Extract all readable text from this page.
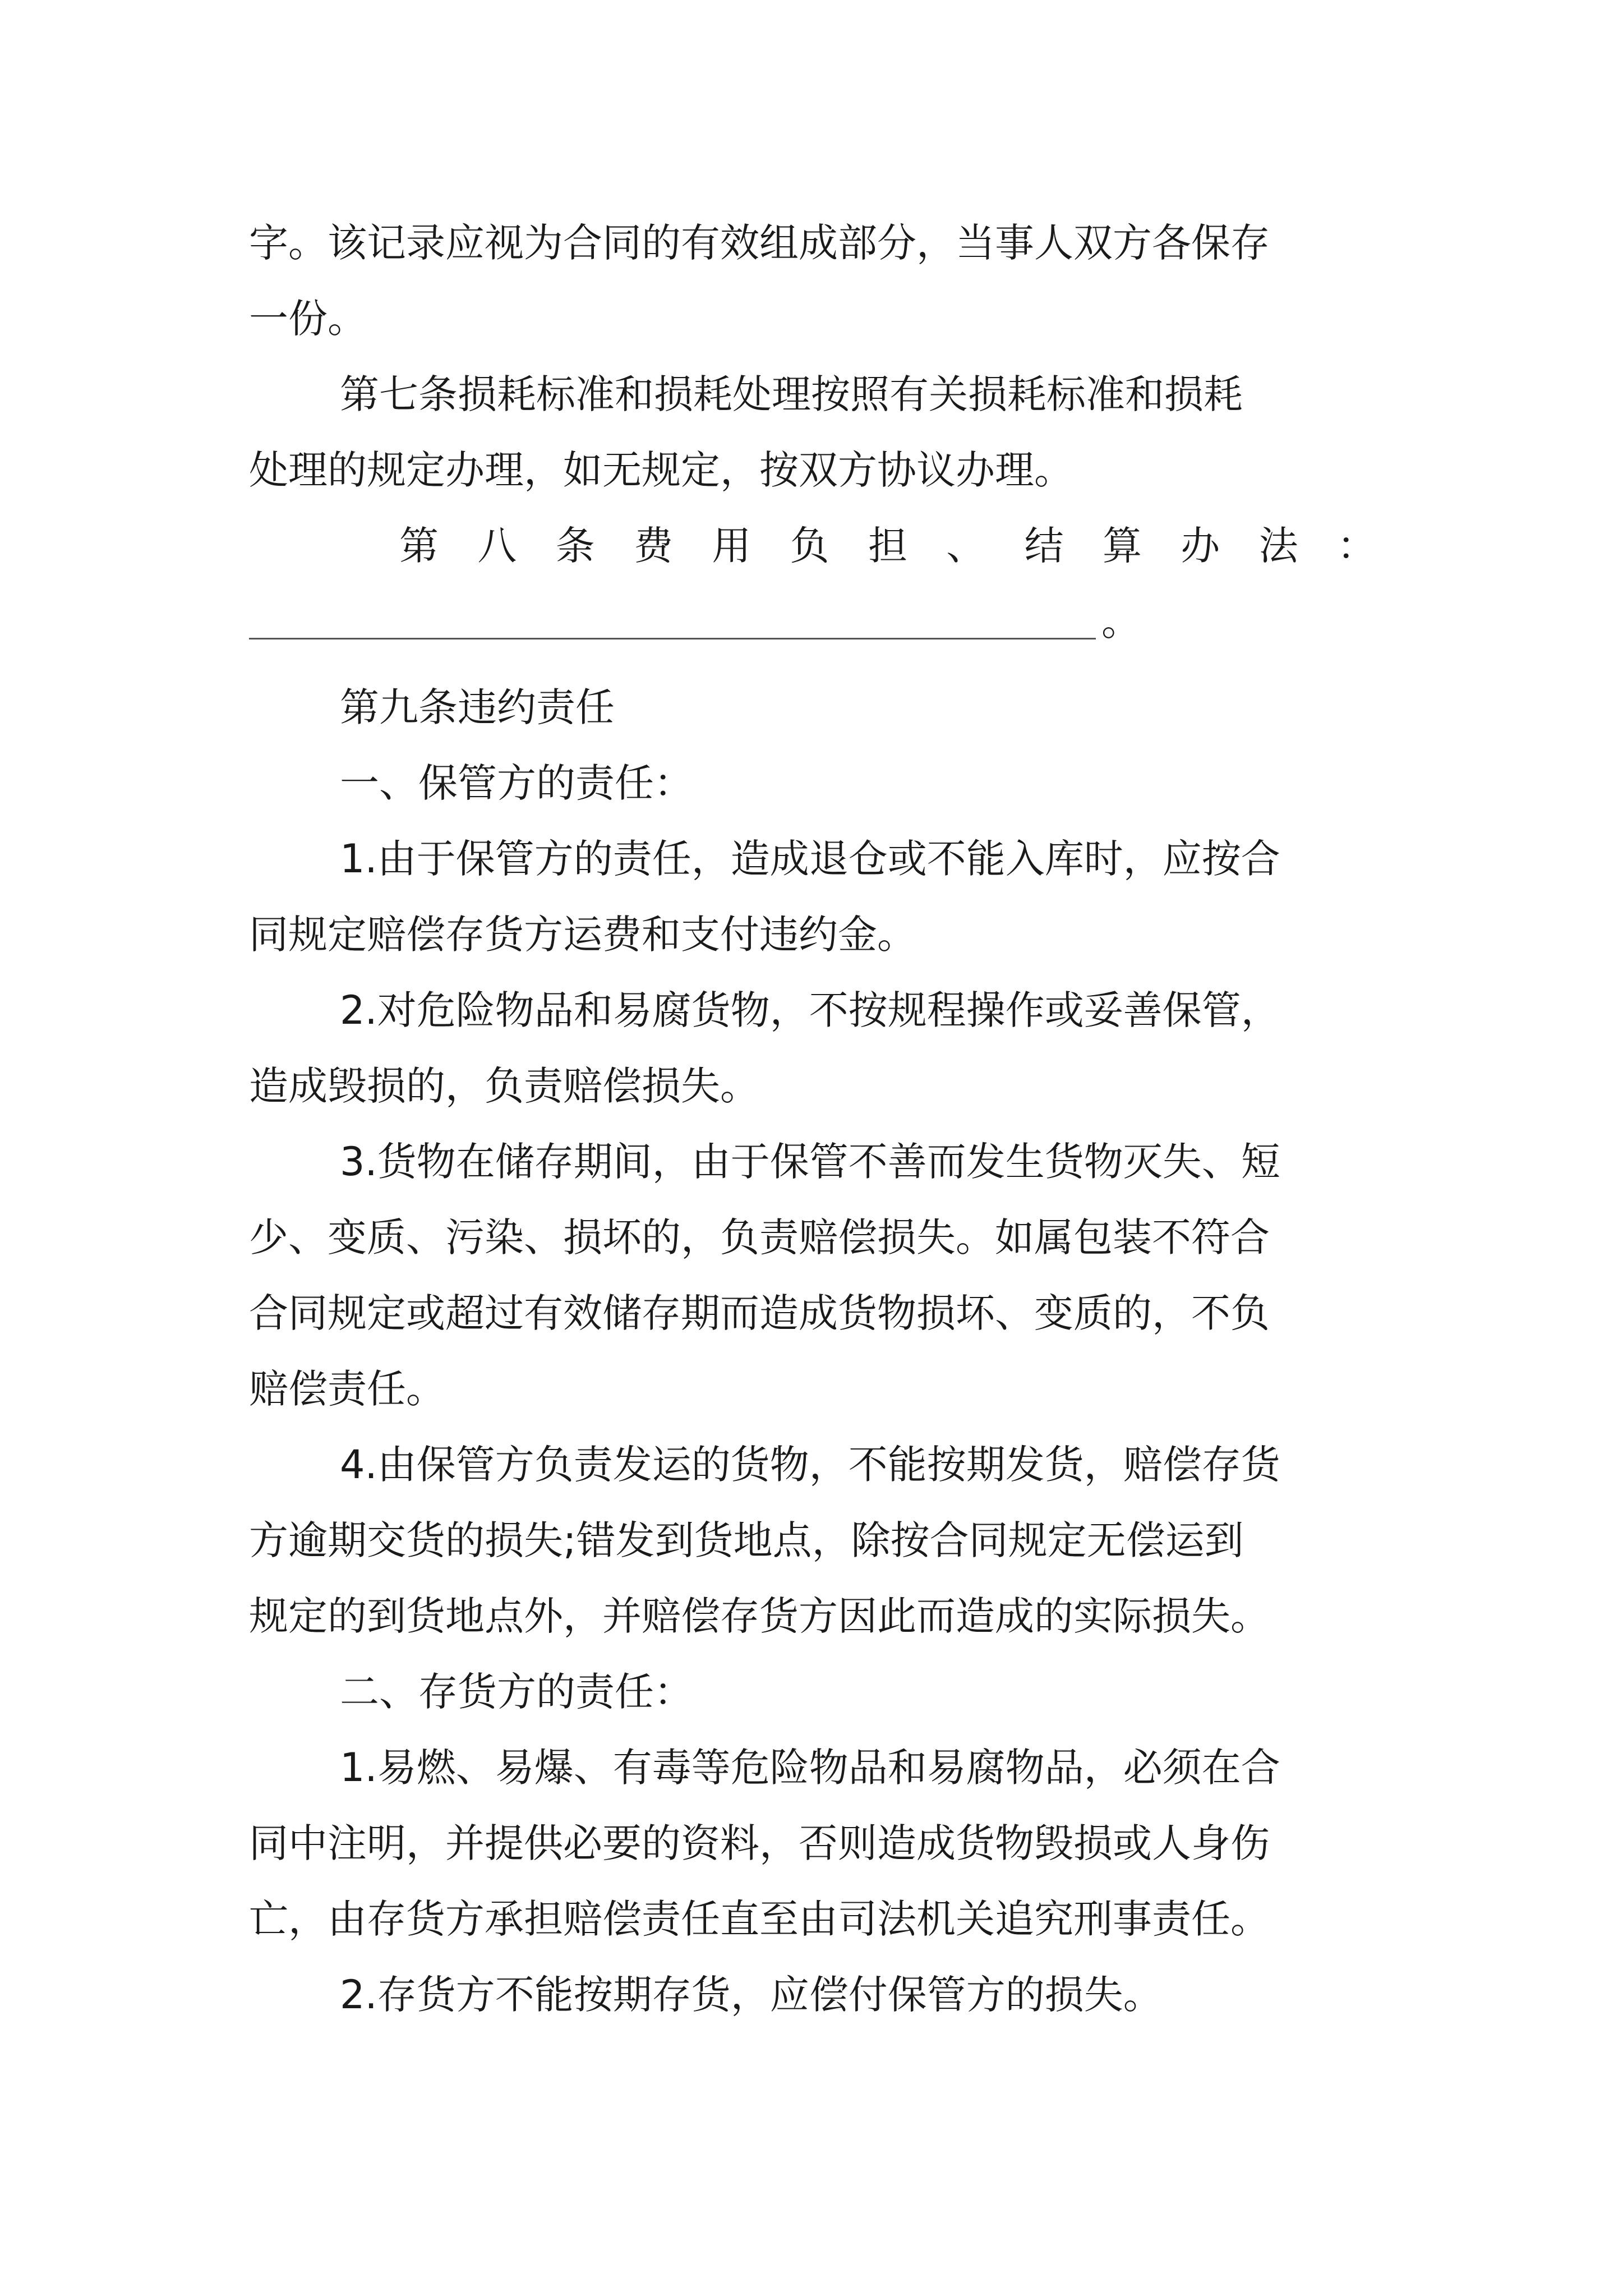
字。该记录应视为合同的有效组成部分，当事人双方各保存
一份。
第七条损耗标准和损耗处理按照有关损耗标准和损耗
处理的规定办理，如无规定，按双方协议办理。
第 八 条 费 用 负 担 、 结 算 办 法 ：
。
第九条违约责任
一、保管方的责任：
1.由于保管方的责任，造成退仓或不能入库时，应按合
同规定赔偿存货方运费和支付违约金。
2.对危险物品和易腐货物，不按规程操作或妥善保管，
造成毁损的，负责赔偿损失。
3.货物在储存期间，由于保管不善而发生货物灭失、短
少、变质、污染、损坏的，负责赔偿损失。如属包装不符合
合同规定或超过有效储存期而造成货物损坏、变质的，不负
赔偿责任。
4.由保管方负责发运的货物，不能按期发货，赔偿存货
方逾期交货的损失;错发到货地点，除按合同规定无偿运到
规定的到货地点外，并赔偿存货方因此而造成的实际损失。
二、存货方的责任：
1.易燃、易爆、有毒等危险物品和易腐物品，必须在合
同中注明，并提供必要的资料，否则造成货物毁损或人身伤
亡，由存货方承担赔偿责任直至由司法机关追究刑事责任。
2.存货方不能按期存货，应偿付保管方的损失。
